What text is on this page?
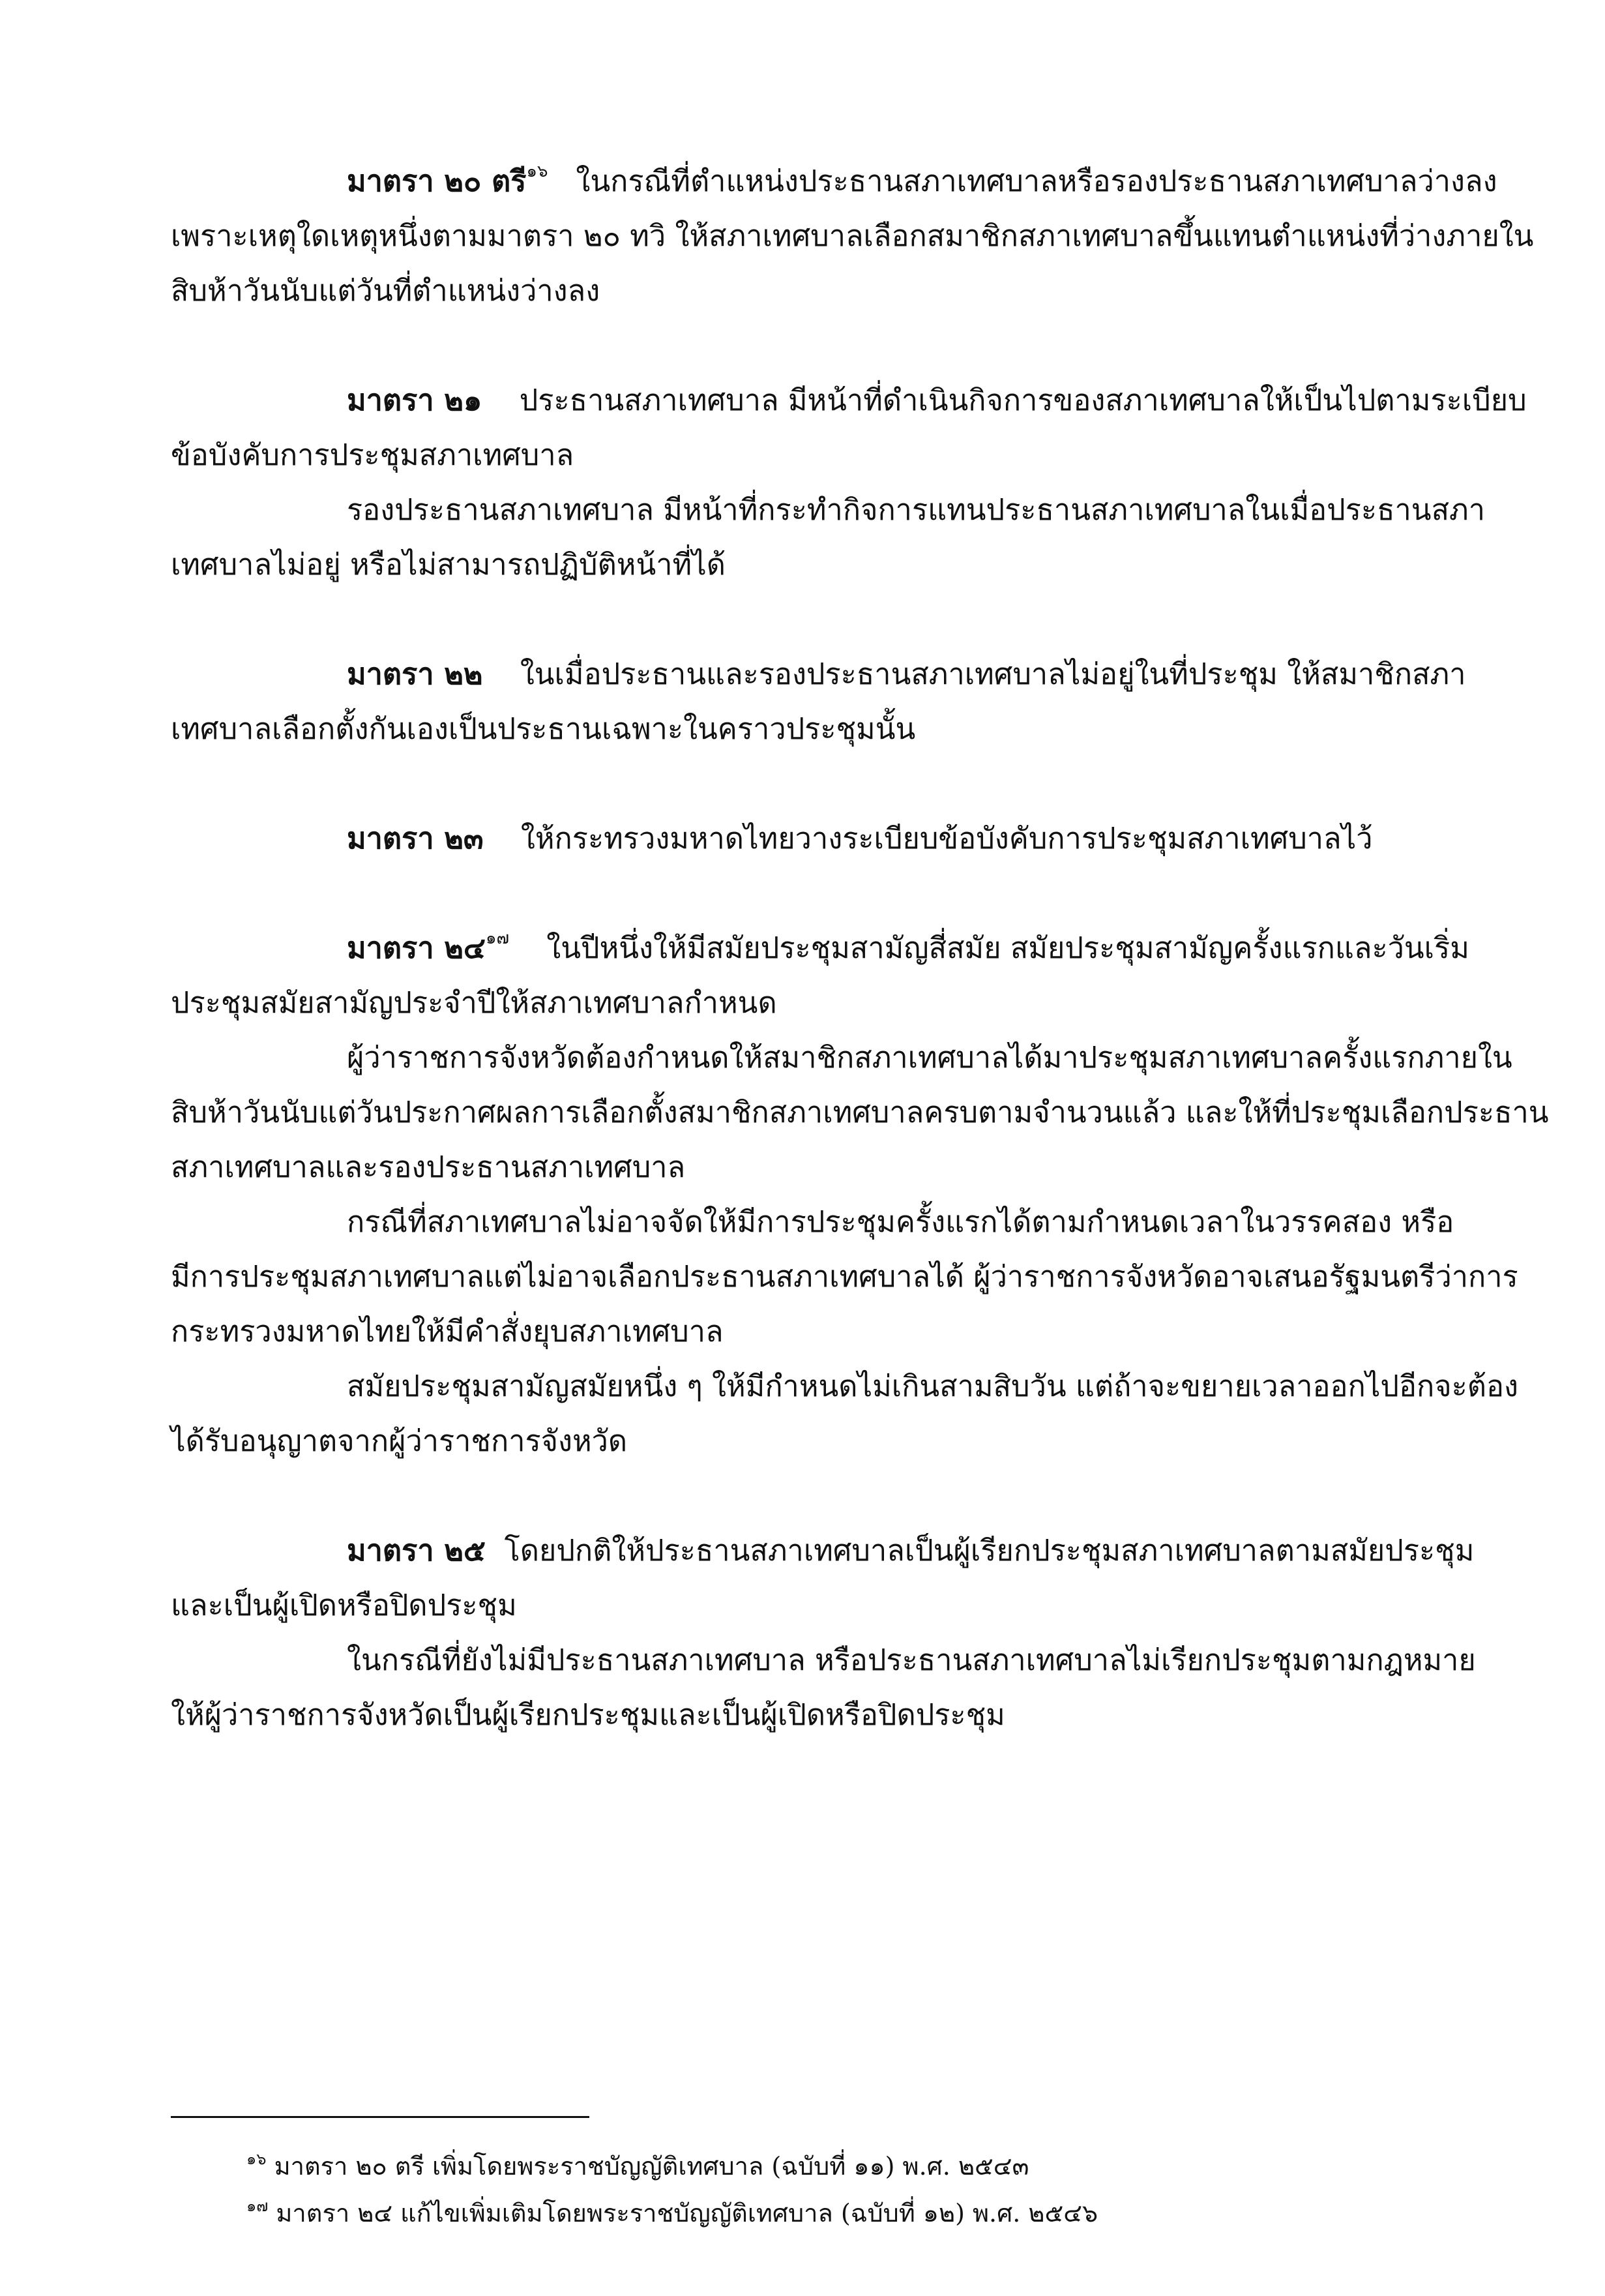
มาตรา ๒๐ ตรี$^{๑๖}$ ในกรณีที่ตำแหน่งประธานสภาเทศบาลหรือรองประธานสภาเทศบาลว่างลง
เพราะเหตุใดเหตุหนึ่งตามมาตรา ๒๐ ทวิ ให้สภาเทศบาลเลือกสมาชิกสภาเทศบาลขึ้นแทนตำแหน่งที่ว่างภายใน
สิบห้าวันนับแต่วันที่ตำแหน่งว่างลง
มาตรา ๒๑ ประธานสภาเทศบาล มีหน้าที่ดำเนินกิจการของสภาเทศบาลให้เป็นไปตามระเบียบ
ข้อบังคับการประชุมสภาเทศบาล
รองประธานสภาเทศบาล มีหน้าที่กระทำกิจการแทนประธานสภาเทศบาลในเมื่อประธานสภา
เทศบาลไม่อยู่ หรือไม่สามารถปฏิบัติหน้าที่ได้
มาตรา ๒๒ ในเมื่อประธานและรองประธานสภาเทศบาลไม่อยู่ในที่ประชุม ให้สมาชิกสภา
เทศบาลเลือกตั้งกันเองเป็นประธานเฉพาะในคราวประชุมนั้น
มาตรา ๒๓ ให้กระทรวงมหาดไทยวางระเบียบข้อบังคับการประชุมสภาเทศบาลไว้
มาตรา ๒๔$^{๑๗}$ ในปีหนึ่งให้มีสมัยประชุมสามัญสี่สมัย สมัยประชุมสามัญครั้งแรกและวันเริ่ม
ประชุมสมัยสามัญประจำปีให้สภาเทศบาลกำหนด
ผู้ว่าราชการจังหวัดต้องกำหนดให้สมาชิกสภาเทศบาลได้มาประชุมสภาเทศบาลครั้งแรกภายใน
สิบห้าวันนับแต่วันประกาศผลการเลือกตั้งสมาชิกสภาเทศบาลครบตามจำนวนแล้ว และให้ที่ประชุมเลือกประธาน
สภาเทศบาลและรองประธานสภาเทศบาล
กรณีที่สภาเทศบาลไม่อาจจัดให้มีการประชุมครั้งแรกได้ตามกำหนดเวลาในวรรคสอง หรือ
มีการประชุมสภาเทศบาลแต่ไม่อาจเลือกประธานสภาเทศบาลได้ ผู้ว่าราชการจังหวัดอาจเสนอรัฐมนตรีว่าการ
กระทรวงมหาดไทยให้มีคำสั่งยุบสภาเทศบาล
สมัยประชุมสามัญสมัยหนึ่ง ๆ ให้มีกำหนดไม่เกินสามสิบวัน แต่ถ้าจะขยายเวลาออกไปอีกจะต้อง
ได้รับอนุญาตจากผู้ว่าราชการจังหวัด
มาตรา ๒๕ โดยปกติให้ประธานสภาเทศบาลเป็นผู้เรียกประชุมสภาเทศบาลตามสมัยประชุม
และเป็นผู้เปิดหรือปิดประชุม
ในกรณีที่ยังไม่มีประธานสภาเทศบาล หรือประธานสภาเทศบาลไม่เรียกประชุมตามกฎหมาย
ให้ผู้ว่าราชการจังหวัดเป็นผู้เรียกประชุมและเป็นผู้เปิดหรือปิดประชุม
$^{๑๖}$ มาตรา ๒๐ ตรี เพิ่มโดยพระราชบัญญัติเทศบาล (ฉบับที่ ๑๑) พ.ศ. ๒๕๔๓
$^{๑๗}$ มาตรา ๒๔ แก้ไขเพิ่มเติมโดยพระราชบัญญัติเทศบาล (ฉบับที่ ๑๒) พ.ศ. ๒๕๔๖
